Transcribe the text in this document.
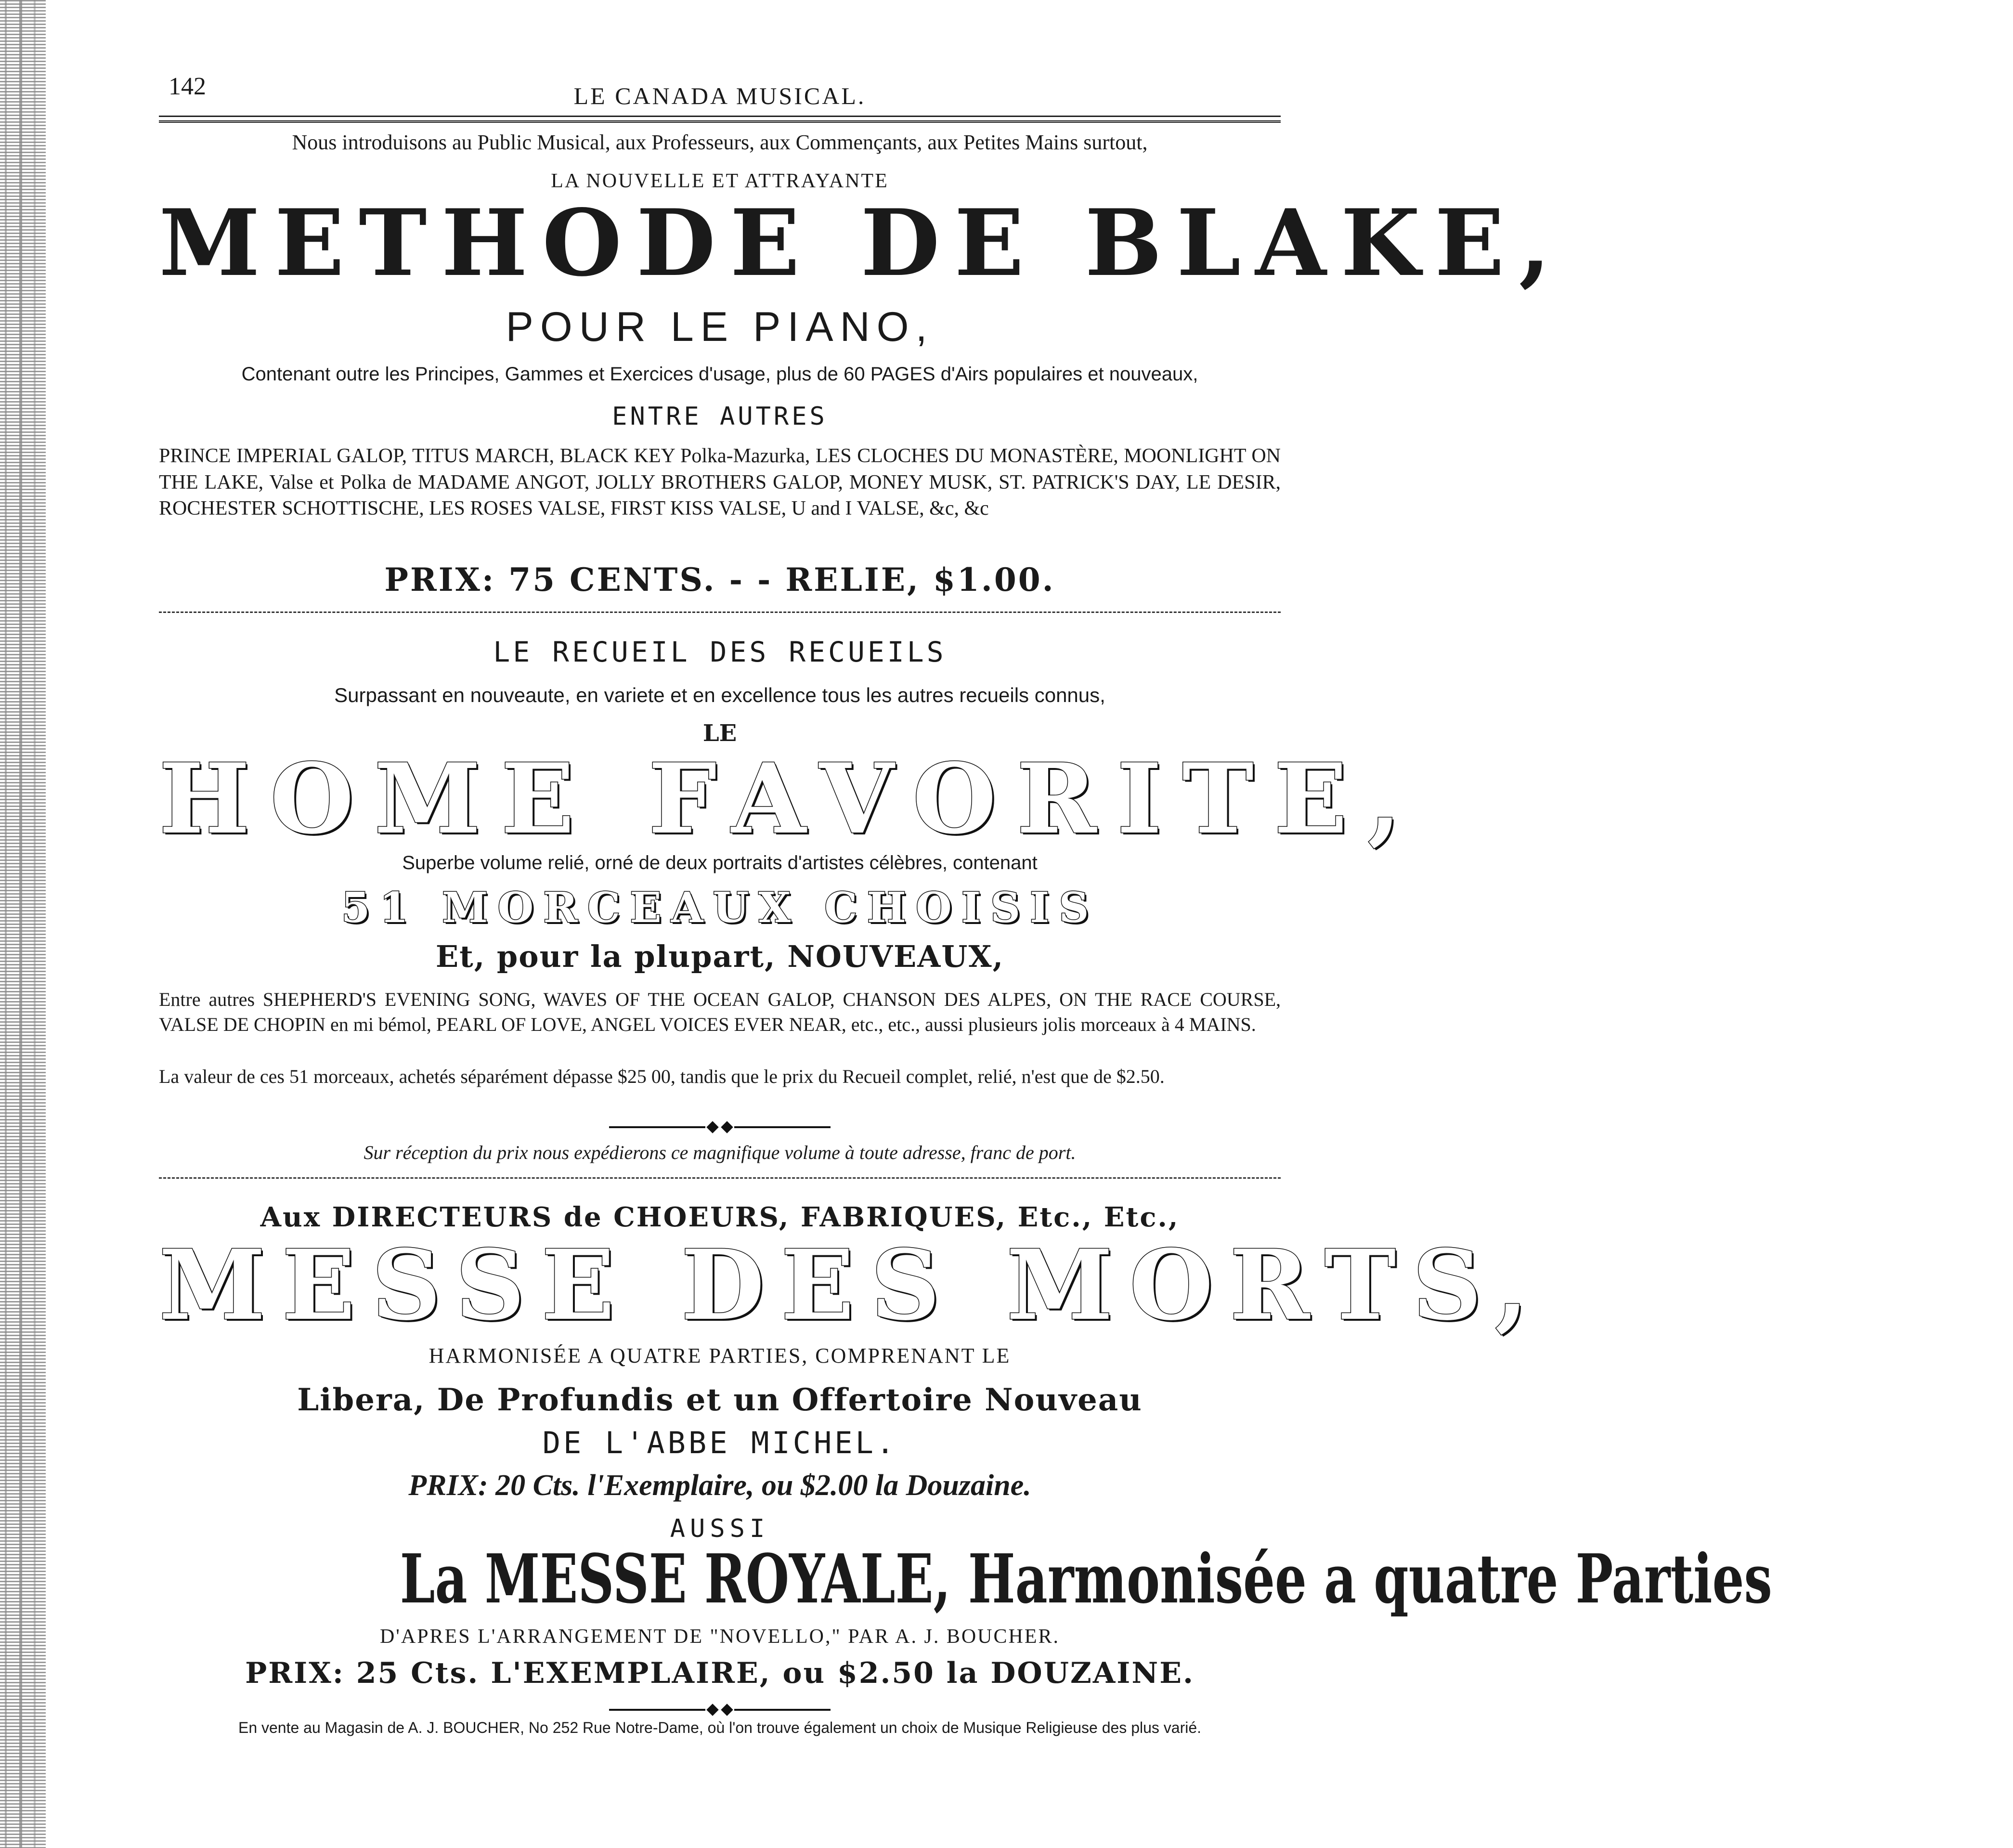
142	LE CANADA MUSICAL.
Nous introduisons au Public Musical, aux Professeurs, aux Commençants, aux Petites Mains surtout,
LA NOUVELLE ET ATTRAYANTE
METHODE DE BLAKE,
POUR LE PIANO,
Contenant outre les Principes, Gammes et Exercices d'usage, plus de 60 PAGES d'Airs populaires et nouveaux,
ENTRE AUTRES
PRINCE IMPERIAL GALOP, TITUS MARCH, BLACK KEY Polka-Mazurka, LES CLOCHES DU MONASTÈRE, MOONLIGHT ON THE LAKE, Valse et Polka de MADAME ANGOT, JOLLY BROTHERS GALOP, MONEY MUSK, ST. PATRICK'S DAY, LE DESIR, ROCHESTER SCHOTTISCHE, LES ROSES VALSE, FIRST KISS VALSE, U and I VALSE, &c, &c
PRIX: 75 CENTS. - - RELIE, $1.00.
LE RECUEIL DES RECUEILS
Surpassant en nouveaute, en variete et en excellence tous les autres recueils connus,
LE
HOME FAVORITE,
Superbe volume relié, orné de deux portraits d'artistes célèbres, contenant
51 MORCEAUX CHOISIS
Et, pour la plupart, NOUVEAUX,
Entre autres SHEPHERD'S EVENING SONG, WAVES OF THE OCEAN GALOP, CHANSON DES ALPES, ON THE RACE COURSE, VALSE DE CHOPIN en mi bémol, PEARL OF LOVE, ANGEL VOICES EVER NEAR, etc., etc., aussi plusieurs jolis morceaux à 4 MAINS.
La valeur de ces 51 morceaux, achetés séparément dépasse $25 00, tandis que le prix du Recueil complet, relié, n'est que de $2.50.
Sur réception du prix nous expédierons ce magnifique volume à toute adresse, franc de port.
Aux DIRECTEURS de CHOEURS, FABRIQUES, Etc., Etc.,
MESSE DES MORTS,
HARMONISÉE A QUATRE PARTIES, COMPRENANT LE
Libera, De Profundis et un Offertoire Nouveau
DE L'ABBE MICHEL.
PRIX: 20 Cts. l'Exemplaire, ou $2.00 la Douzaine.
AUSSI
La MESSE ROYALE, Harmonisée a quatre Parties
D'APRES L'ARRANGEMENT DE "NOVELLO," PAR A. J. BOUCHER.
PRIX: 25 Cts. L'EXEMPLAIRE, ou $2.50 la DOUZAINE.
En vente au Magasin de A. J. BOUCHER, No 252 Rue Notre-Dame, où l'on trouve également un choix de Musique Religieuse des plus varié.
